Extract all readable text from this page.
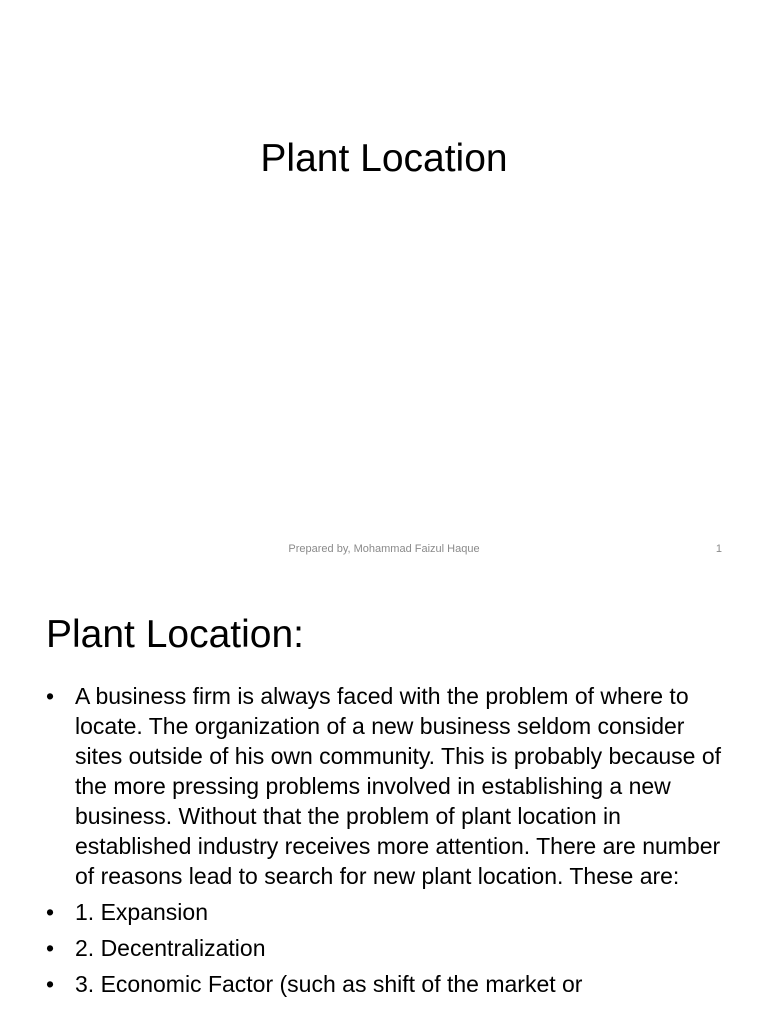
Plant Location
Prepared by, Mohammad Faizul Haque	1
Plant Location:
• A business firm is always faced with the problem of where to locate. The organization of a new business seldom consider sites outside of his own community. This is probably because of the more pressing problems involved in establishing a new business. Without that the problem of plant location in established industry receives more attention. There are number of reasons lead to search for new plant location. These are:
• 1. Expansion
• 2. Decentralization
• 3. Economic Factor (such as shift of the market or
